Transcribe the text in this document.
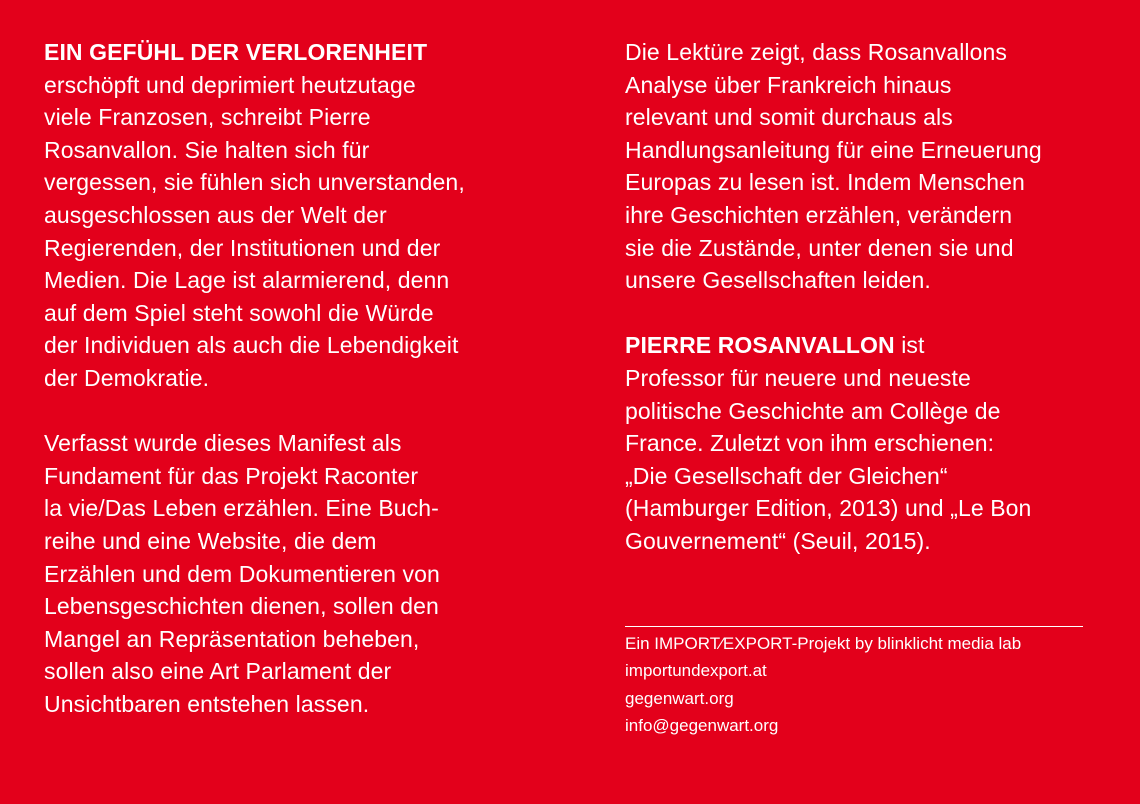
EIN GEFÜHL DER VERLORENHEIT
erschöpft und deprimiert heutzutage
viele Franzosen, schreibt Pierre
Rosanvallon. Sie halten sich für
vergessen, sie fühlen sich unverstanden,
ausgeschlossen aus der Welt der
Regierenden, der Institutionen und der
Medien. Die Lage ist alarmierend, denn
auf dem Spiel steht sowohl die Würde
der Individuen als auch die Lebendigkeit
der Demokratie.
Verfasst wurde dieses Manifest als
Fundament für das Projekt Raconter
la vie/Das Leben erzählen. Eine Buch-
reihe und eine Website, die dem
Erzählen und dem Dokumentieren von
Lebensgeschichten dienen, sollen den
Mangel an Repräsentation beheben,
sollen also eine Art Parlament der
Unsichtbaren entstehen lassen.
Die Lektüre zeigt, dass Rosanvallons
Analyse über Frankreich hinaus
relevant und somit durchaus als
Handlungsanleitung für eine Erneuerung
Europas zu lesen ist. Indem Menschen
ihre Geschichten erzählen, verändern
sie die Zustände, unter denen sie und
unsere Gesellschaften leiden.
PIERRE ROSANVALLON ist
Professor für neuere und neueste
politische Geschichte am Collège de
France. Zuletzt von ihm erschienen:
„Die Gesellschaft der Gleichen“
(Hamburger Edition, 2013) und „Le Bon
Gouvernement“ (Seuil, 2015).
Ein IMPORT⁄EXPORT-Projekt by blinklicht media lab
importundexport.at
gegenwart.org
info@gegenwart.org
